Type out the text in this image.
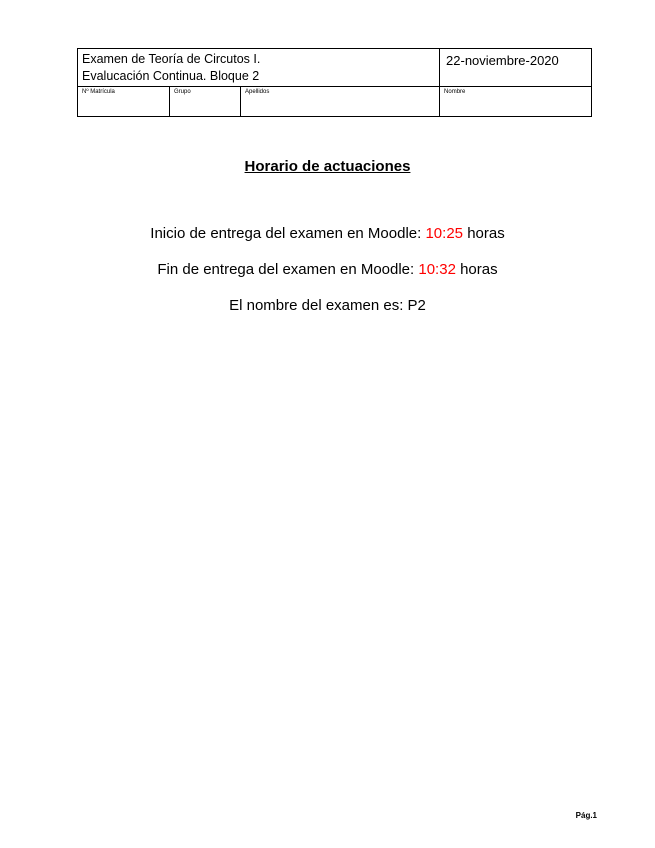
Examen de Teoría de Circutos I.
Evalucación Continua. Bloque 2			22-noviembre-2020
Nº Matrícula	Grupo	Apellidos	Nombre
Horario de actuaciones
Inicio de entrega del examen en Moodle: 10:25 horas
Fin de entrega del examen en Moodle: 10:32 horas
El nombre del examen es: P2
Pág.1
